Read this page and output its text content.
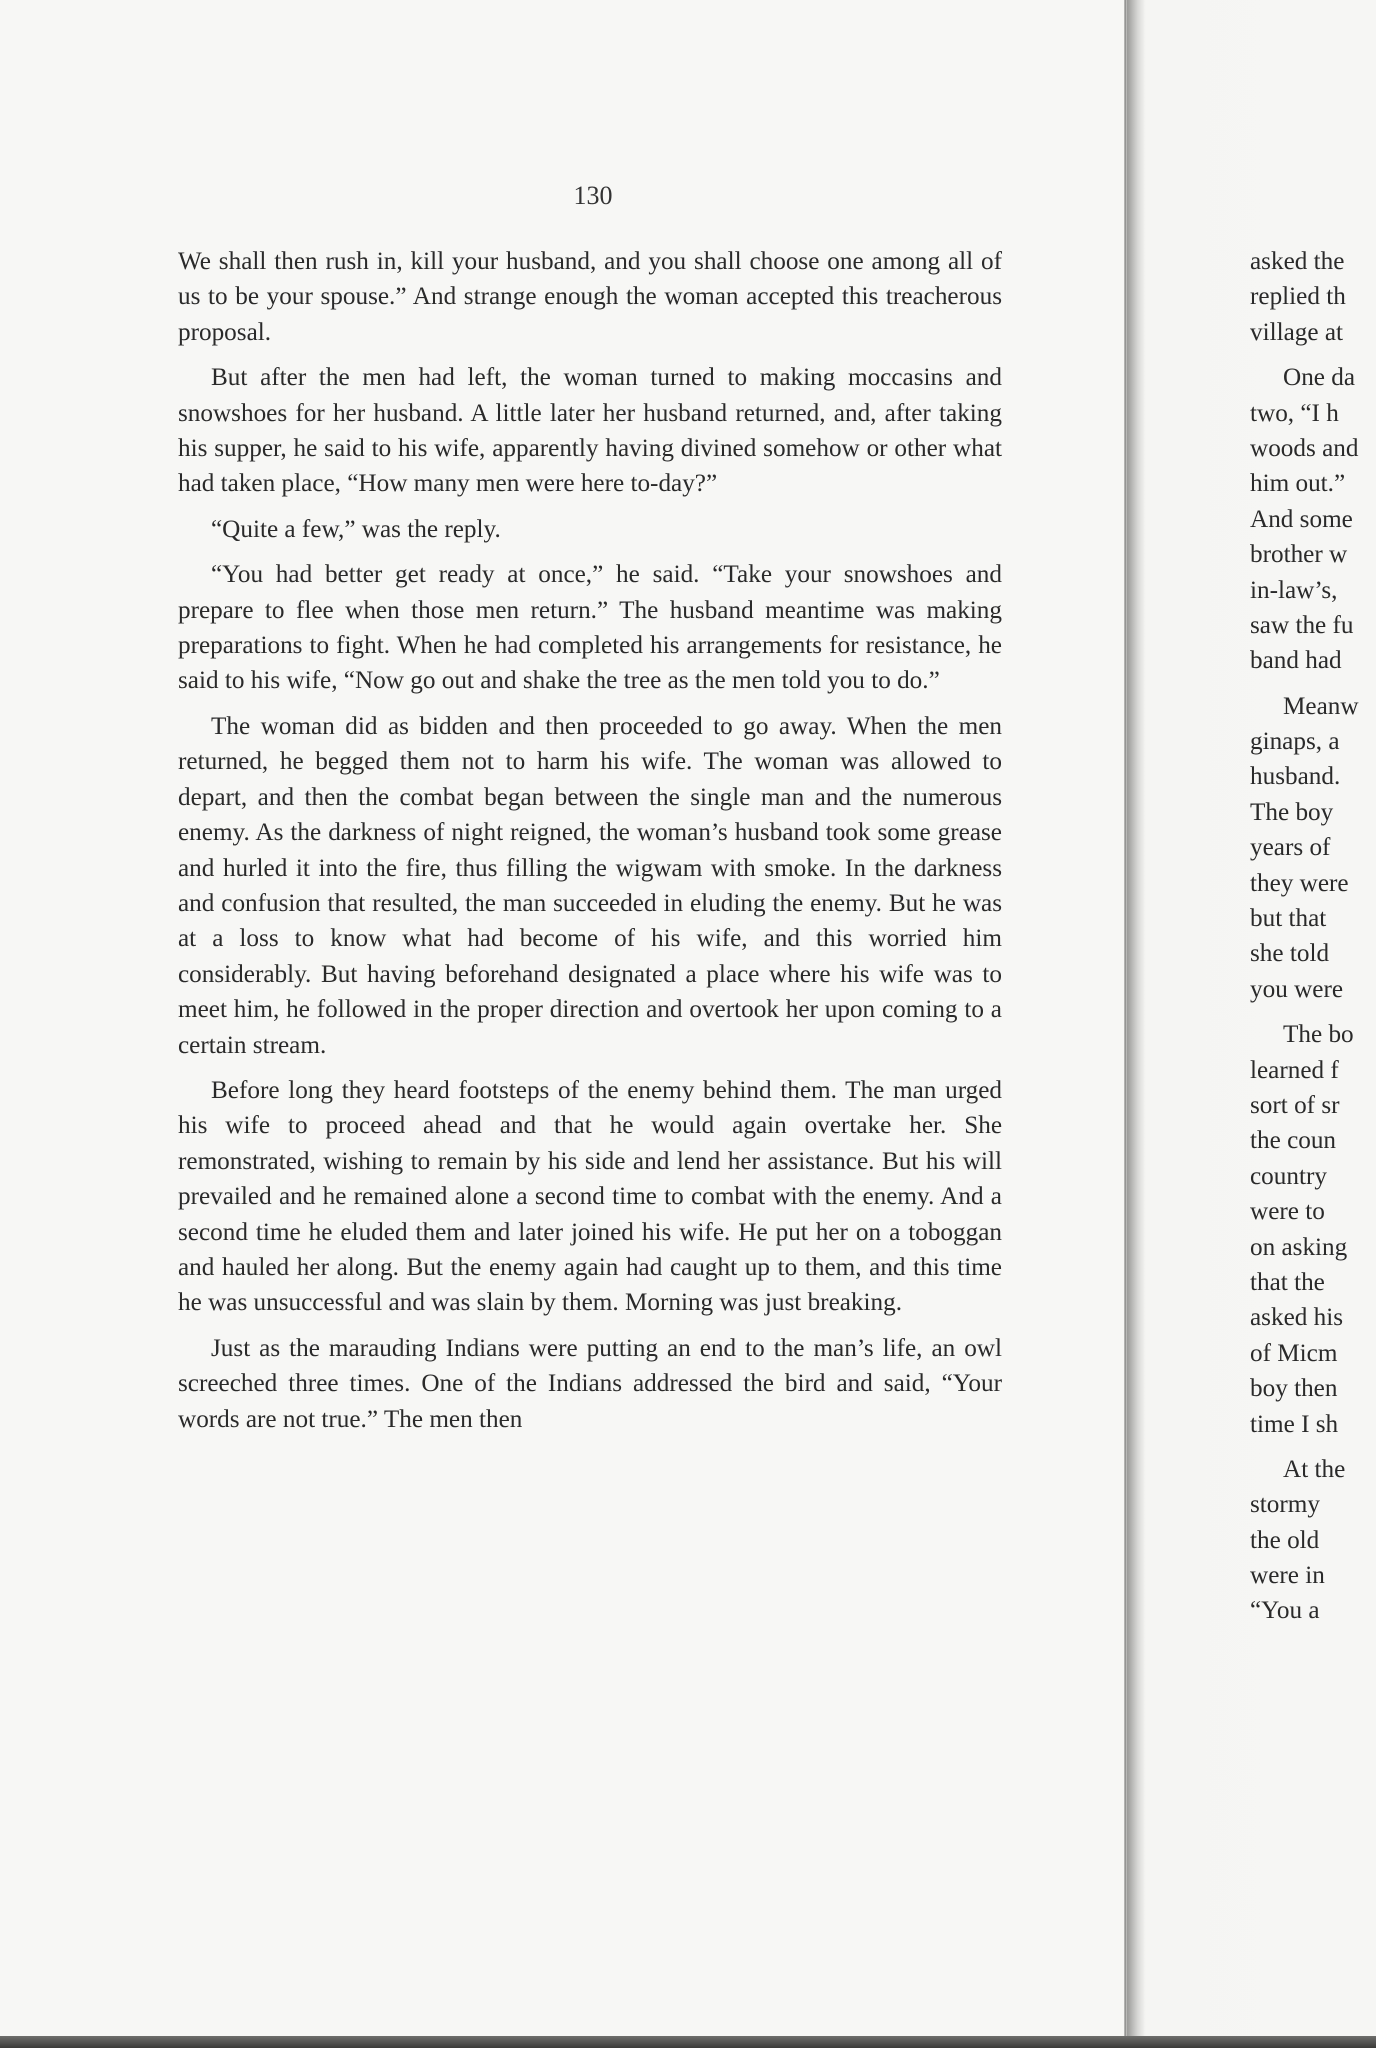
130

We shall then rush in, kill your husband, and you shall choose one among all of us to be your spouse.” And strange enough the woman accepted this treacherous proposal.

But after the men had left, the woman turned to making moccasins and snowshoes for her husband. A little later her husband returned, and, after taking his supper, he said to his wife, apparently having divined somehow or other what had taken place, “How many men were here to-day?”

“Quite a few,” was the reply.

“You had better get ready at once,” he said. “Take your snowshoes and prepare to flee when those men return.” The husband meantime was making preparations to fight. When he had completed his arrangements for resistance, he said to his wife, “Now go out and shake the tree as the men told you to do.”

The woman did as bidden and then proceeded to go away. When the men returned, he begged them not to harm his wife. The woman was allowed to depart, and then the combat began between the single man and the numerous enemy. As the darkness of night reigned, the woman’s husband took some grease and hurled it into the fire, thus filling the wigwam with smoke. In the darkness and confusion that resulted, the man succeeded in eluding the enemy. But he was at a loss to know what had become of his wife, and this worried him considerably. But having beforehand designated a place where his wife was to meet him, he followed in the proper direction and overtook her upon coming to a certain stream.

Before long they heard footsteps of the enemy behind them. The man urged his wife to proceed ahead and that he would again overtake her. She remonstrated, wishing to remain by his side and lend her assistance. But his will prevailed and he remained alone a second time to combat with the enemy. And a second time he eluded them and later joined his wife. He put her on a toboggan and hauled her along. But the enemy again had caught up to them, and this time he was unsuccessful and was slain by them. Morning was just breaking.

Just as the marauding Indians were putting an end to the man’s life, an owl screeched three times. One of the Indians addressed the bird and said, “Your words are not true.” The men then

asked the
replied th
village at
One da
two, “I h
woods and
him out.”
And some
brother w
in-law’s,
saw the fu
band had
Meanw
ginaps, a
husband.
The boy
years of
they were
but that
she told
you were
The bo
learned f
sort of sr
the coun
country
were to
on asking
that the
asked his
of Micm
boy then
time I sh
At the
stormy
the old
were in
“You a
